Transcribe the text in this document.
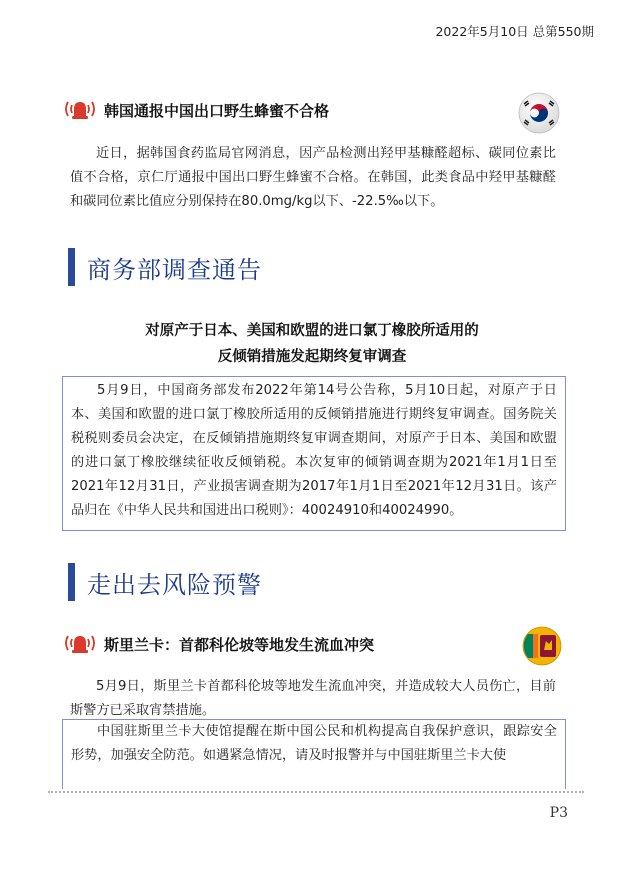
2022年5月10日 总第550期
韩国通报中国出口野生蜂蜜不合格
近日，据韩国食药监局官网消息，因产品检测出羟甲基糠醛超标、碳同位素比值不合格，京仁厅通报中国出口野生蜂蜜不合格。在韩国，此类食品中羟甲基糠醛和碳同位素比值应分别保持在80.0mg/kg以下、-22.5‰以下。
商务部调查通告
对原产于日本、美国和欧盟的进口氯丁橡胶所适用的
反倾销措施发起期终复审调查
5月9日，中国商务部发布2022年第14号公告称，5月10日起，对原产于日本、美国和欧盟的进口氯丁橡胶所适用的反倾销措施进行期终复审调查。国务院关税税则委员会决定，在反倾销措施期终复审调查期间，对原产于日本、美国和欧盟的进口氯丁橡胶继续征收反倾销税。本次复审的倾销调查期为2021年1月1日至2021年12月31日，产业损害调查期为2017年1月1日至2021年12月31日。该产品归在《中华人民共和国进出口税则》：40024910和40024990。
走出去风险预警
斯里兰卡：首都科伦坡等地发生流血冲突
5月9日，斯里兰卡首都科伦坡等地发生流血冲突，并造成较大人员伤亡，目前斯警方已采取宵禁措施。
中国驻斯里兰卡大使馆提醒在斯中国公民和机构提高自我保护意识，跟踪安全形势，加强安全防范。如遇紧急情况，请及时报警并与中国驻斯里兰卡大使
P3
